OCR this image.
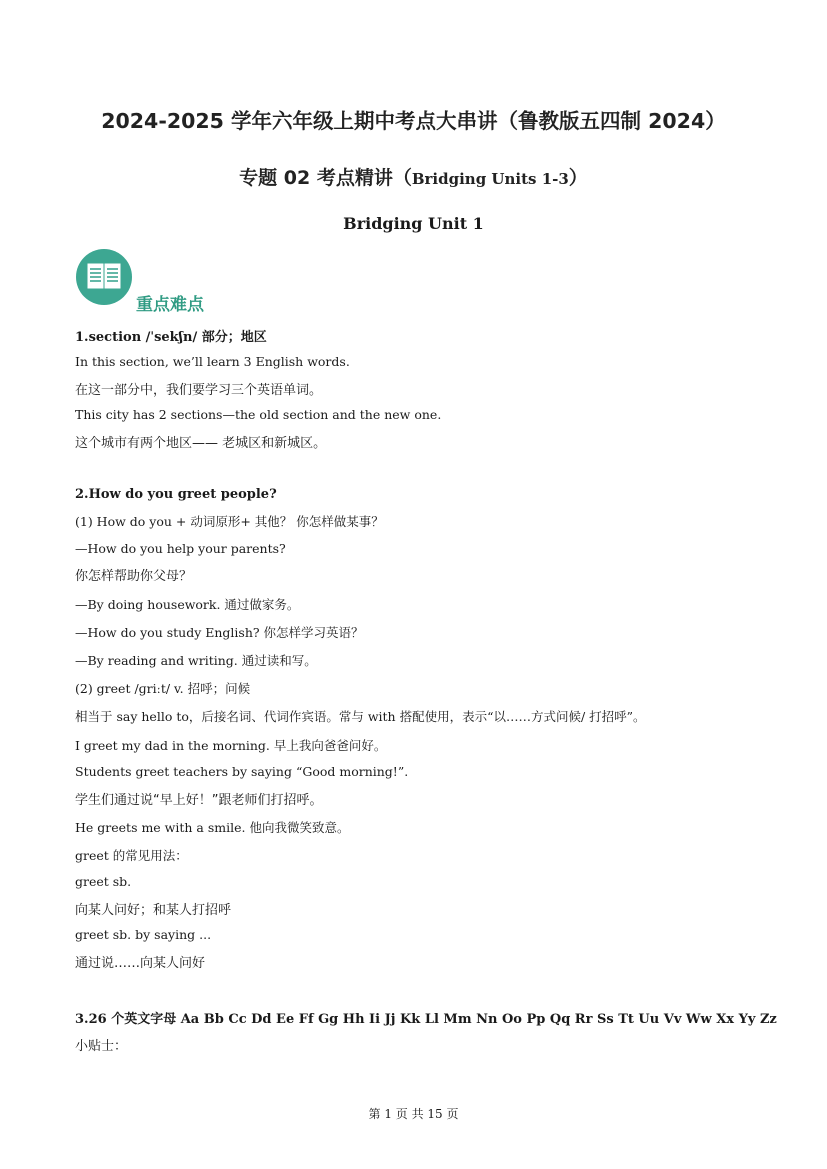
2024-2025 学年六年级上期中考点大串讲（鲁教版五四制 2024）
专题 02 考点精讲（Bridging Units 1-3）
Bridging Unit 1
重点难点
1.section /ˈsekʃn/ 部分；地区
In this section, we’ll learn 3 English words.
在这一部分中，我们要学习三个英语单词。
This city has 2 sections—the old section and the new one.
这个城市有两个地区—— 老城区和新城区。
2.How do you greet people?
(1) How do you + 动词原形+ 其他？ 你怎样做某事？
—How do you help your parents?
你怎样帮助你父母？
—By doing housework. 通过做家务。
—How do you study English? 你怎样学习英语？
—By reading and writing. 通过读和写。
(2) greet /ɡriːt/ v. 招呼；问候
相当于 say hello to，后接名词、代词作宾语。常与 with 搭配使用，表示“以……方式问候/ 打招呼”。
I greet my dad in the morning. 早上我向爸爸问好。
Students greet teachers by saying “Good morning!”.
学生们通过说“早上好！”跟老师们打招呼。
He greets me with a smile. 他向我微笑致意。
greet 的常见用法：
greet sb.
向某人问好；和某人打招呼
greet sb. by saying ...
通过说……向某人问好
3.26 个英文字母 Aa Bb Cc Dd Ee Ff Gg Hh Ii Jj Kk Ll Mm Nn Oo Pp Qq Rr Ss Tt Uu Vv Ww Xx Yy Zz
小贴士：
第 1 页 共 15 页
